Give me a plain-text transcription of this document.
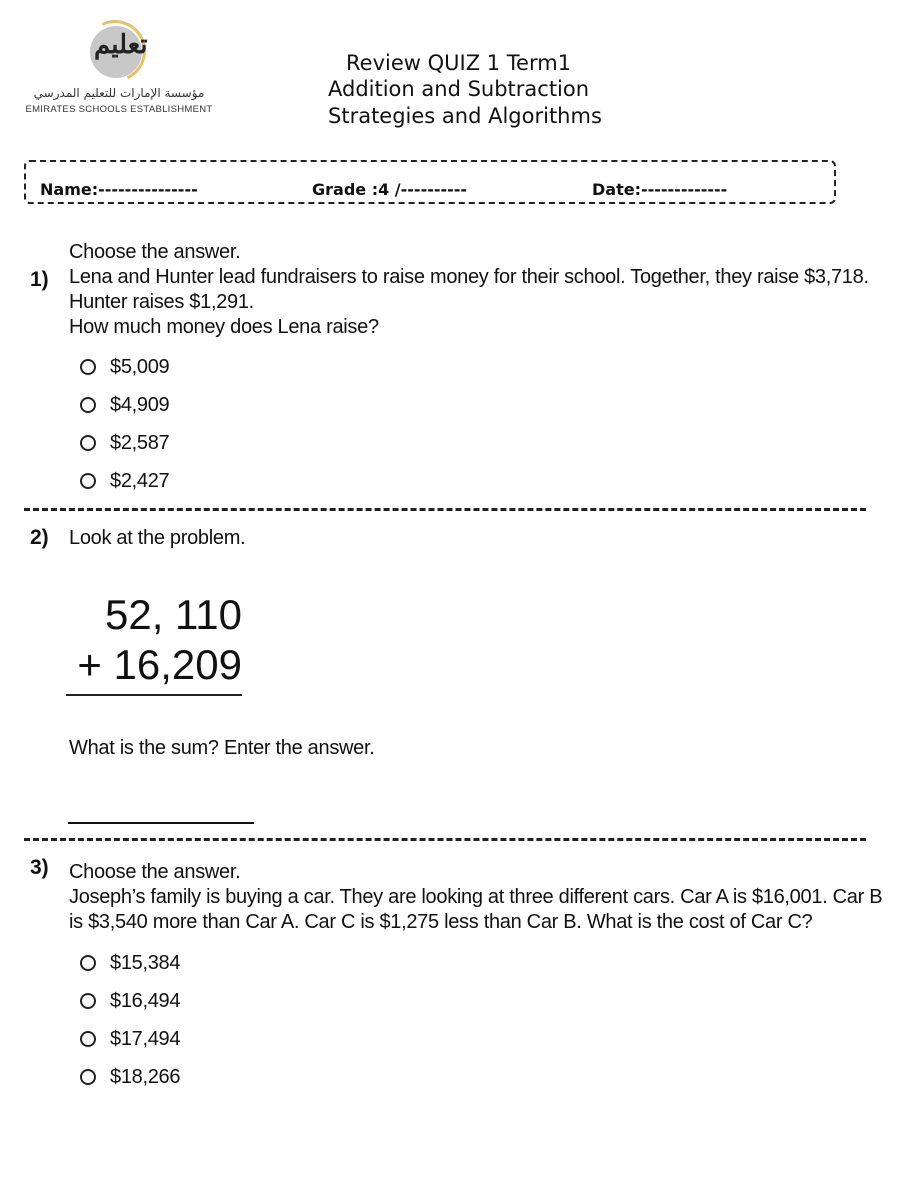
تعليم
مؤسسة الإمارات للتعليم المدرسي
EMIRATES SCHOOLS ESTABLISHMENT
Review QUIZ 1 Term1
Addition and Subtraction
Strategies and Algorithms
Name:---------------	Grade :4 /----------	Date:-------------
1)
Choose the answer.
Lena and Hunter lead fundraisers to raise money for their school. Together, they raise $3,718.
Hunter raises $1,291.
How much money does Lena raise?
$5,009
$4,909
$2,587
$2,427
2) Look at the problem.
52, 110
+ 16,209
What is the sum? Enter the answer.
3) Choose the answer.
Joseph’s family is buying a car. They are looking at three different cars. Car A is $16,001. Car B
is $3,540 more than Car A. Car C is $1,275 less than Car B. What is the cost of Car C?
$15,384
$16,494
$17,494
$18,266
